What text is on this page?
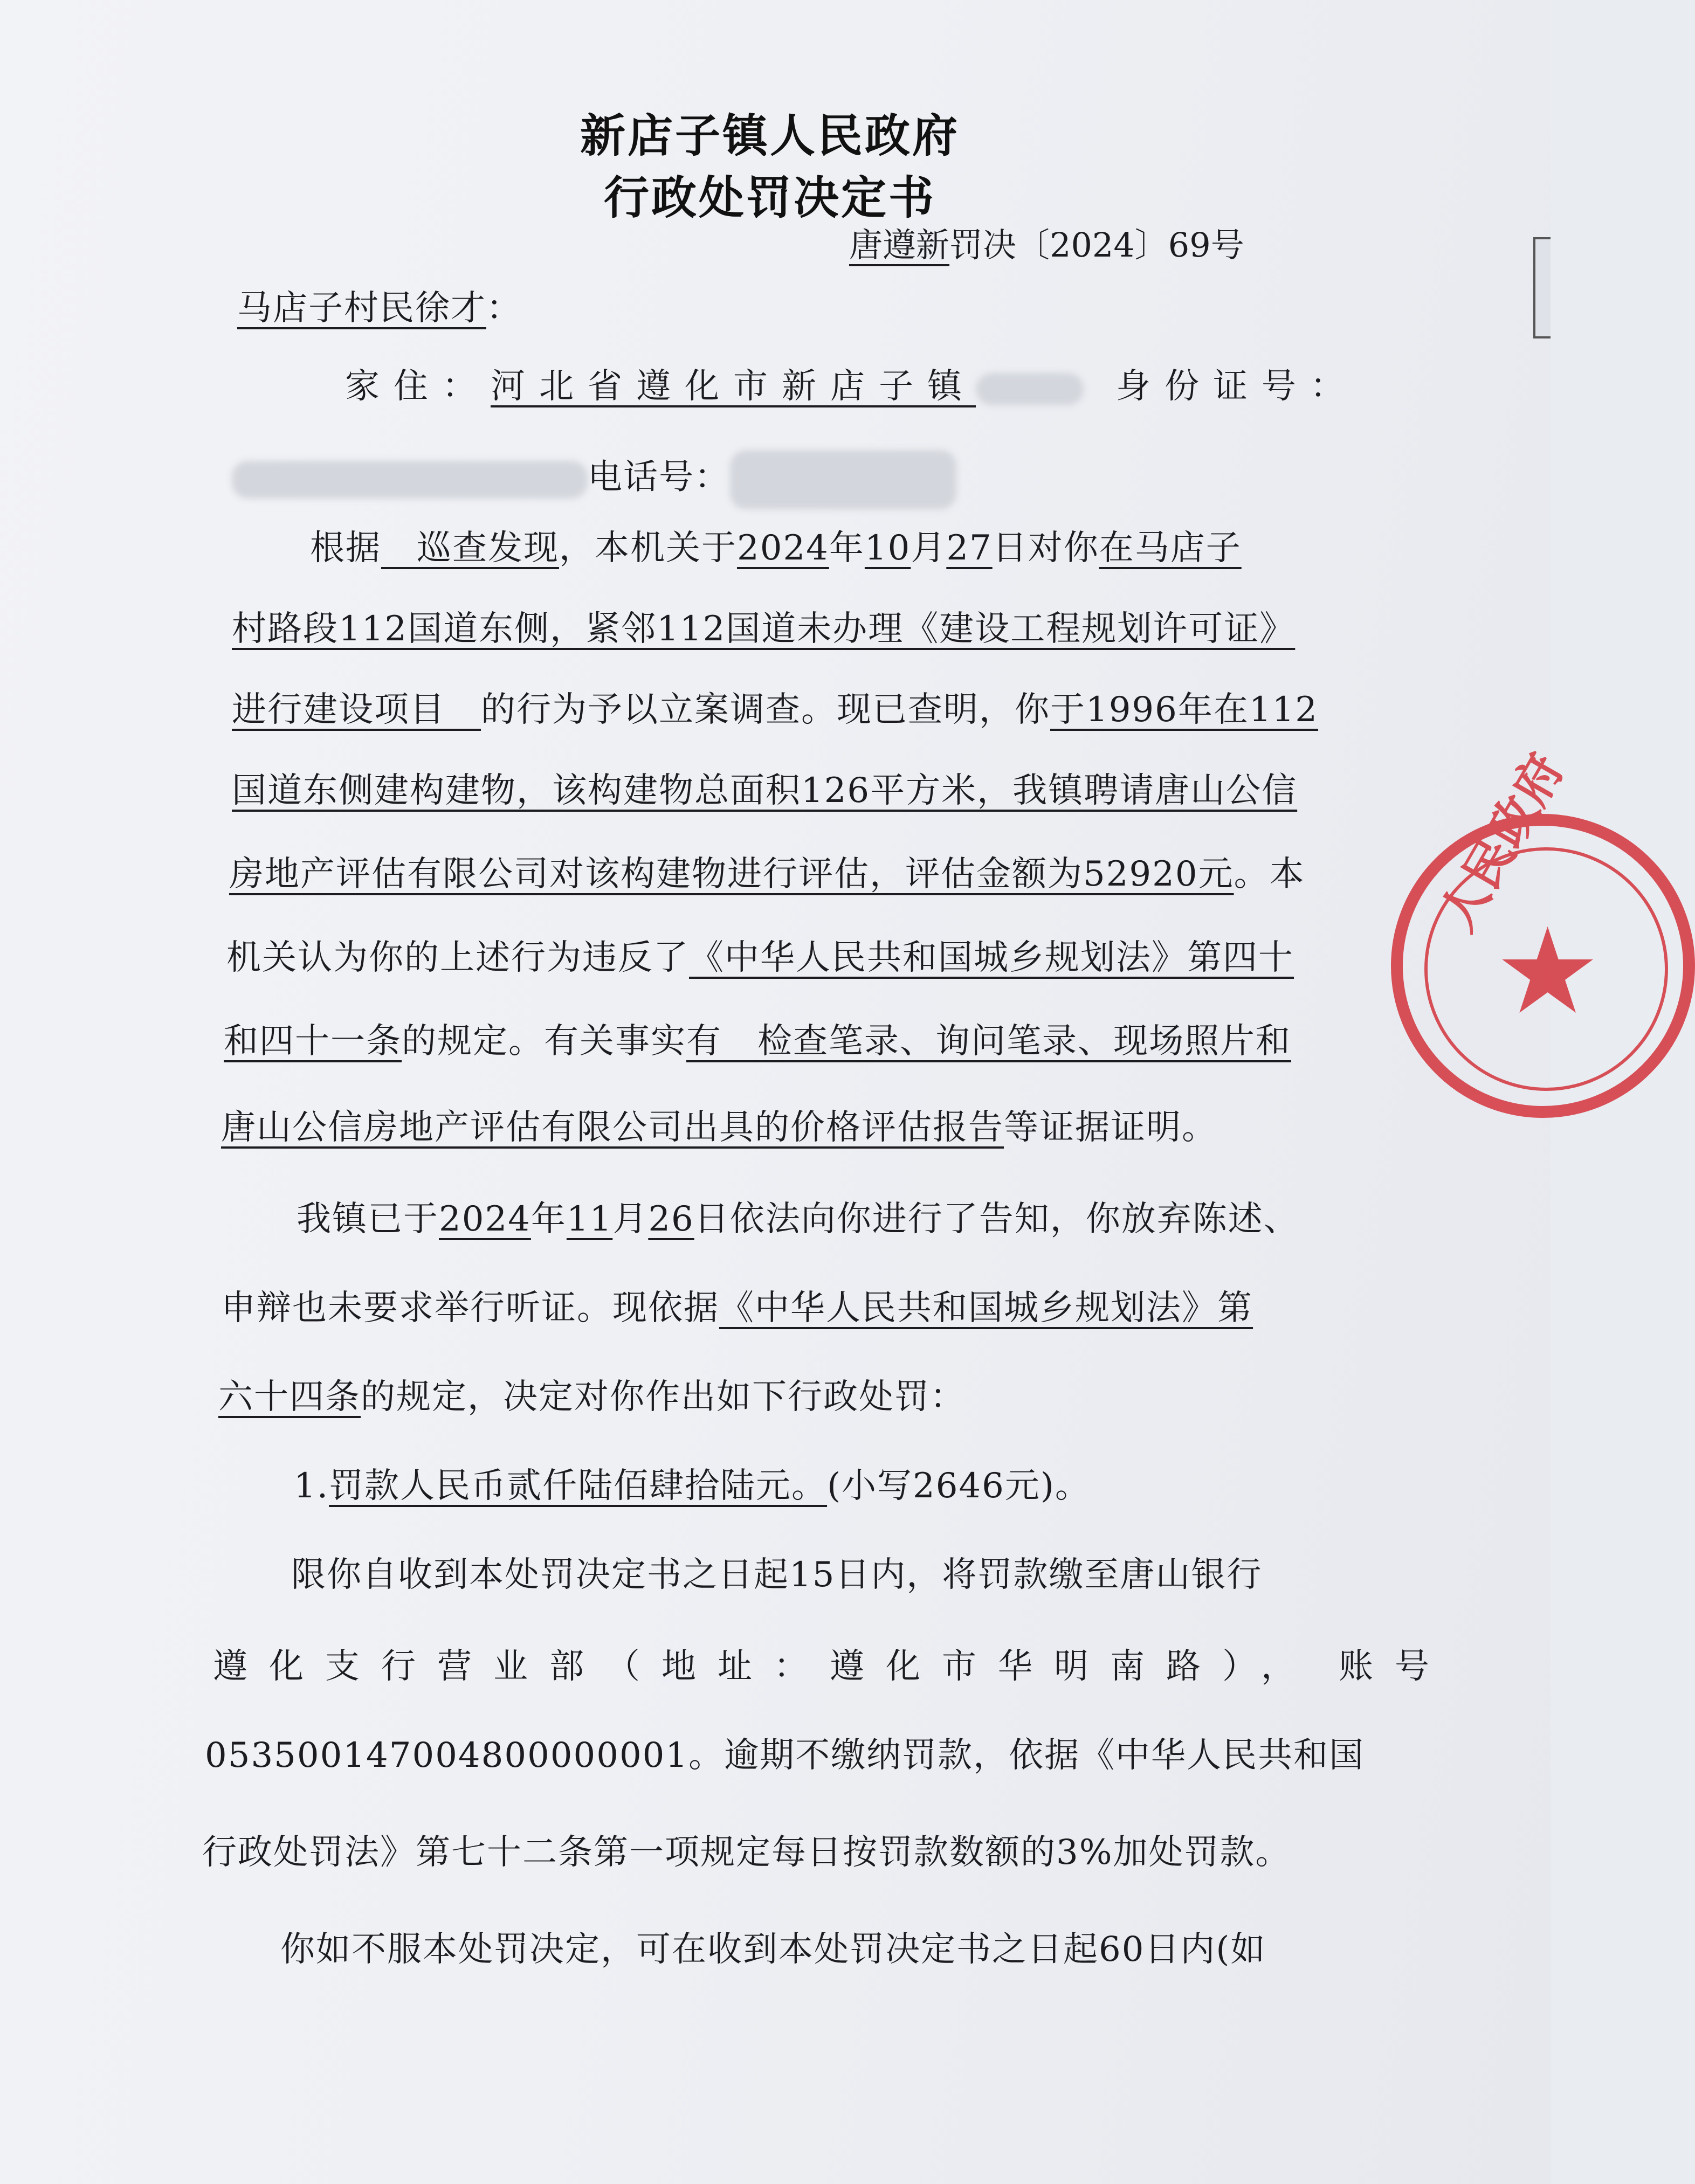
新店子镇人民政府
行政处罚决定书
唐遵新罚决〔2024〕69号
马店子村民徐才：
家住：河北省遵化市新店子镇	身份证号：
电话号：
根据　巡查发现，本机关于2024年10月27日对你在马店子
村路段112国道东侧，紧邻112国道未办理《建设工程规划许可证》
进行建设项目　的行为予以立案调查。现已查明，你于1996年在112
国道东侧建构建物，该构建物总面积126平方米，我镇聘请唐山公信
房地产评估有限公司对该构建物进行评估，评估金额为52920元。本
机关认为你的上述行为违反了《中华人民共和国城乡规划法》第四十
和四十一条的规定。有关事实有　检查笔录、询问笔录、现场照片和
唐山公信房地产评估有限公司出具的价格评估报告等证据证明。
我镇已于2024年11月26日依法向你进行了告知，你放弃陈述、
申辩也未要求举行听证。现依据《中华人民共和国城乡规划法》第
六十四条的规定，决定对你作出如下行政处罚：
1.罚款人民币贰仟陆佰肆拾陆元。(小写2646元)。
限你自收到本处罚决定书之日起15日内，将罚款缴至唐山银行
遵化支行营业部（地址：遵化市华明南路）， 账号
053500147004800000001。逾期不缴纳罚款，依据《中华人民共和国
行政处罚法》第七十二条第一项规定每日按罚款数额的3%加处罚款。
你如不服本处罚决定，可在收到本处罚决定书之日起60日内(如
★
人民政府
